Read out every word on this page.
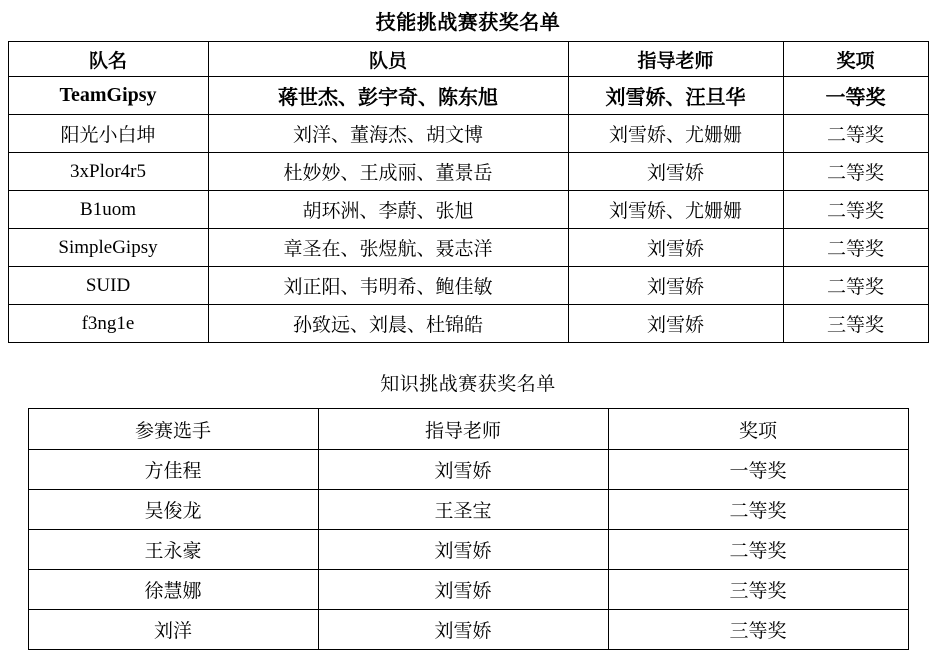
技能挑战赛获奖名单
队名	队员	指导老师	奖项
TeamGipsy	蒋世杰、彭宇奇、陈东旭	刘雪娇、汪旦华	一等奖
阳光小白坤	刘洋、董海杰、胡文博	刘雪娇、尤姗姗	二等奖
3xPlor4r5	杜妙妙、王成丽、董景岳	刘雪娇	二等奖
B1uom	胡环洲、李蔚、张旭	刘雪娇、尤姗姗	二等奖
SimpleGipsy	章圣在、张煜航、聂志洋	刘雪娇	二等奖
SUID	刘正阳、韦明希、鲍佳敏	刘雪娇	二等奖
f3ng1e	孙致远、刘晨、杜锦皓	刘雪娇	三等奖
知识挑战赛获奖名单
参赛选手	指导老师	奖项
方佳程	刘雪娇	一等奖
吴俊龙	王圣宝	二等奖
王永豪	刘雪娇	二等奖
徐慧娜	刘雪娇	三等奖
刘洋	刘雪娇	三等奖
